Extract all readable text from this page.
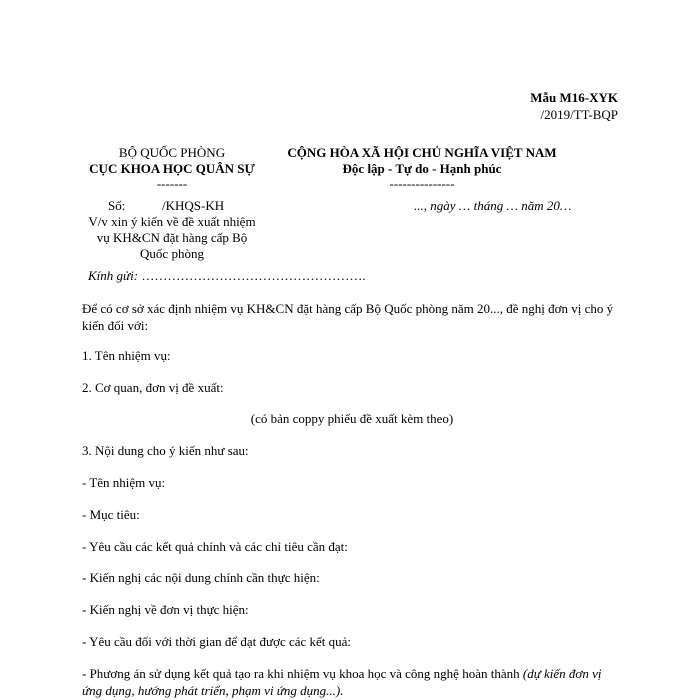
Mẫu M16-XYK
/2019/TT-BQP
BỘ QUỐC PHÒNG
CỤC KHOA HỌC QUÂN SỰ
-------
CỘNG HÒA XÃ HỘI CHỦ NGHĨA VIỆT NAM
Độc lập - Tự do - Hạnh phúc
---------------
Số:	/KHQS-KH
V/v xin ý kiến về đề xuất nhiệm
vụ KH&CN đặt hàng cấp Bộ
Quốc phòng
..., ngày … tháng … năm 20…
Kính gửi: …………………………………………….
Để có cơ sở xác định nhiệm vụ KH&CN đặt hàng cấp Bộ Quốc phòng năm 20..., đề nghị đơn vị cho ý kiến đối với:
1. Tên nhiệm vụ:
2. Cơ quan, đơn vị đề xuất:
(có bản coppy phiếu đề xuất kèm theo)
3. Nội dung cho ý kiến như sau:
- Tên nhiệm vụ:
- Mục tiêu:
- Yêu cầu các kết quả chính và các chỉ tiêu cần đạt:
- Kiến nghị các nội dung chính cần thực hiện:
- Kiến nghị về đơn vị thực hiện:
- Yêu cầu đối với thời gian để đạt được các kết quả:
- Phương án sử dụng kết quả tạo ra khi nhiệm vụ khoa học và công nghệ hoàn thành (dự kiến đơn vị ứng dụng, hướng phát triển, phạm vi ứng dụng...).
